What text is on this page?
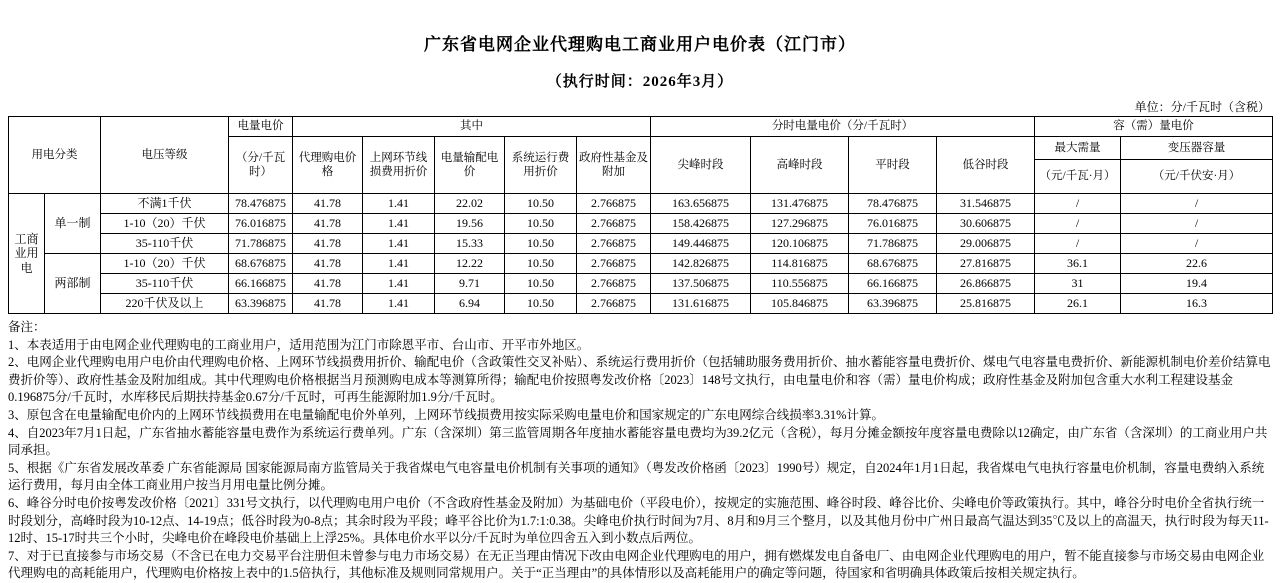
广东省电网企业代理购电工商业用户电价表（江门市）
（执行时间：2026年3月）
单位：分/千瓦时（含税）
用电分类		电压等级	电量电价	其中					分时电量电价（分/千瓦时）				容（需）量电价	
			（分/千瓦时）	代理购电价格	上网环节线损费用折价	电量输配电价	系统运行费用折价	政府性基金及附加	尖峰时段	高峰时段	平时段	低谷时段	最大需量	变压器容量
													（元/千瓦·月）	（元/千伏安·月）
工商业用电	单一制	不满1千伏	78.476875	41.78	1.41	22.02	10.50	2.766875	163.656875	131.476875	78.476875	31.546875	/	/
		1-10（20）千伏	76.016875	41.78	1.41	19.56	10.50	2.766875	158.426875	127.296875	76.016875	30.606875	/	/
		35-110千伏	71.786875	41.78	1.41	15.33	10.50	2.766875	149.446875	120.106875	71.786875	29.006875	/	/
	两部制	1-10（20）千伏	68.676875	41.78	1.41	12.22	10.50	2.766875	142.826875	114.816875	68.676875	27.816875	36.1	22.6
		35-110千伏	66.166875	41.78	1.41	9.71	10.50	2.766875	137.506875	110.556875	66.166875	26.866875	31	19.4
		220千伏及以上	63.396875	41.78	1.41	6.94	10.50	2.766875	131.616875	105.846875	63.396875	25.816875	26.1	16.3

备注：

1、本表适用于由电网企业代理购电的工商业用户，适用范围为江门市除恩平市、台山市、开平市外地区。

2、电网企业代理购电用户电价由代理购电价格、上网环节线损费用折价、输配电价（含政策性交叉补贴）、系统运行费用折价（包括辅助服务费用折价、抽水蓄能容量电费折价、煤电气电容量电费折价、新能源机制电价差价结算电费折价等）、政府性基金及附加组成。其中代理购电价格根据当月预测购电成本等测算所得；输配电价按照粤发改价格〔2023〕148号文执行，由电量电价和容（需）量电价构成；政府性基金及附加包含重大水利工程建设基金0.196875分/千瓦时，水库移民后期扶持基金0.67分/千瓦时，可再生能源附加1.9分/千瓦时。

3、原包含在电量输配电价内的上网环节线损费用在电量输配电价外单列，上网环节线损费用按实际采购电量电价和国家规定的广东电网综合线损率3.31%计算。

4、自2023年7月1日起，广东省抽水蓄能容量电费作为系统运行费单列。广东（含深圳）第三监管周期各年度抽水蓄能容量电费均为39.2亿元（含税），每月分摊金额按年度容量电费除以12确定，由广东省（含深圳）的工商业用户共同承担。

5、根据《广东省发展改革委 广东省能源局 国家能源局南方监管局关于我省煤电气电容量电价机制有关事项的通知》（粤发改价格函〔2023〕1990号）规定，自2024年1月1日起，我省煤电气电执行容量电价机制，容量电费纳入系统运行费用，每月由全体工商业用户按当月用电量比例分摊。

6、峰谷分时电价按粤发改价格〔2021〕331号文执行，以代理购电用户电价（不含政府性基金及附加）为基础电价（平段电价），按规定的实施范围、峰谷时段、峰谷比价、尖峰电价等政策执行。其中，峰谷分时电价全省执行统一时段划分，高峰时段为10-12点、14-19点；低谷时段为0-8点；其余时段为平段；峰平谷比价为1.7:1:0.38。尖峰电价执行时间为7月、8月和9月三个整月，以及其他月份中广州日最高气温达到35℃及以上的高温天，执行时段为每天11-12时、15-17时共三个小时，尖峰电价在峰段电价基础上上浮25%。具体电价水平以分/千瓦时为单位四舍五入到小数点后两位。

7、对于已直接参与市场交易（不含已在电力交易平台注册但未曾参与电力市场交易）在无正当理由情况下改由电网企业代理购电的用户，拥有燃煤发电自备电厂、由电网企业代理购电的用户，暂不能直接参与市场交易由电网企业代理购电的高耗能用户，代理购电价格按上表中的1.5倍执行，其他标准及规则同常规用户。关于“正当理由”的具体情形以及高耗能用户的确定等问题，待国家和省明确具体政策后按相关规定执行。
